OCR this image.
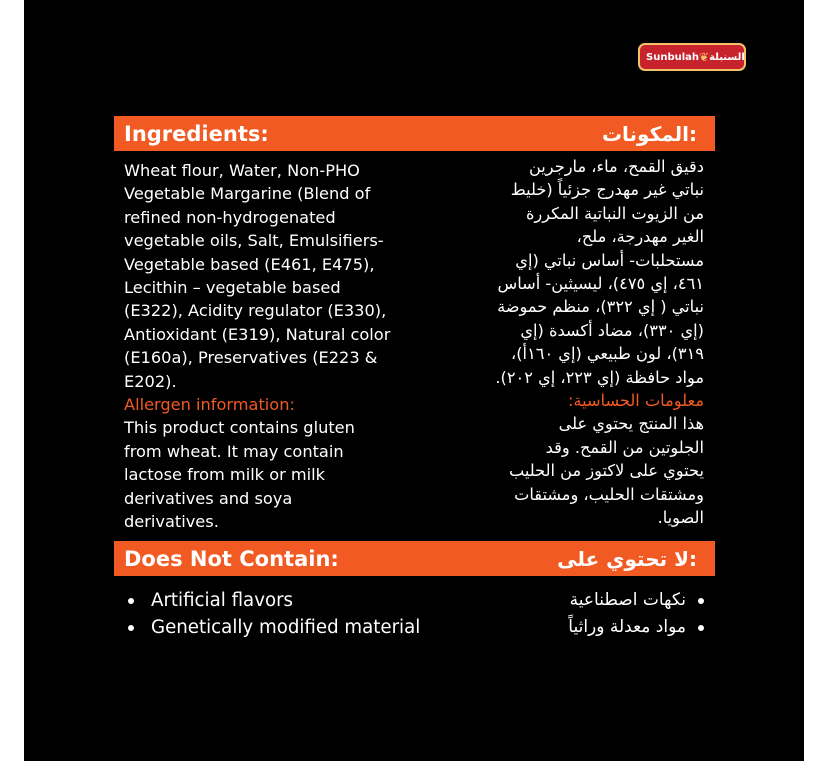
Sunbulah ❦ السنبلة
Ingredients:	المكونات:
Wheat flour, Water, Non-PHO
Vegetable Margarine (Blend of
refined non-hydrogenated
vegetable oils, Salt, Emulsifiers-
Vegetable based (E461, E475),
Lecithin – vegetable based
(E322), Acidity regulator (E330),
Antioxidant (E319), Natural color
(E160a), Preservatives (E223 &
E202).
Allergen information:
This product contains gluten
from wheat. It may contain
lactose from milk or milk
derivatives and soya
derivatives.
دقيق القمح، ماء، مارجرين
نباتي غير مهدرج جزئياً (خليط
من الزيوت النباتية المكررة
الغير مهدرجة، ملح،
مستحلبات- أساس نباتي (إي
٤٦١، إي ٤٧٥)، ليسيثين- أساس
نباتي ( إي ٣٢٢)، منظم حموضة
(إي ٣٣٠)، مضاد أكسدة (إي
٣١٩)، لون طبيعي (إي ١٦٠أ)،
مواد حافظة (إي ٢٢٣، إي ٢٠٢).
معلومات الحساسية:
هذا المنتج يحتوي على
الجلوتين من القمح. وقد
يحتوي على لاكتوز من الحليب
ومشتقات الحليب، ومشتقات
الصويا.
Does Not Contain:	لا تحتوي على:
Artificial flavors
Genetically modified material
نكهات اصطناعية
مواد معدلة وراثياً
